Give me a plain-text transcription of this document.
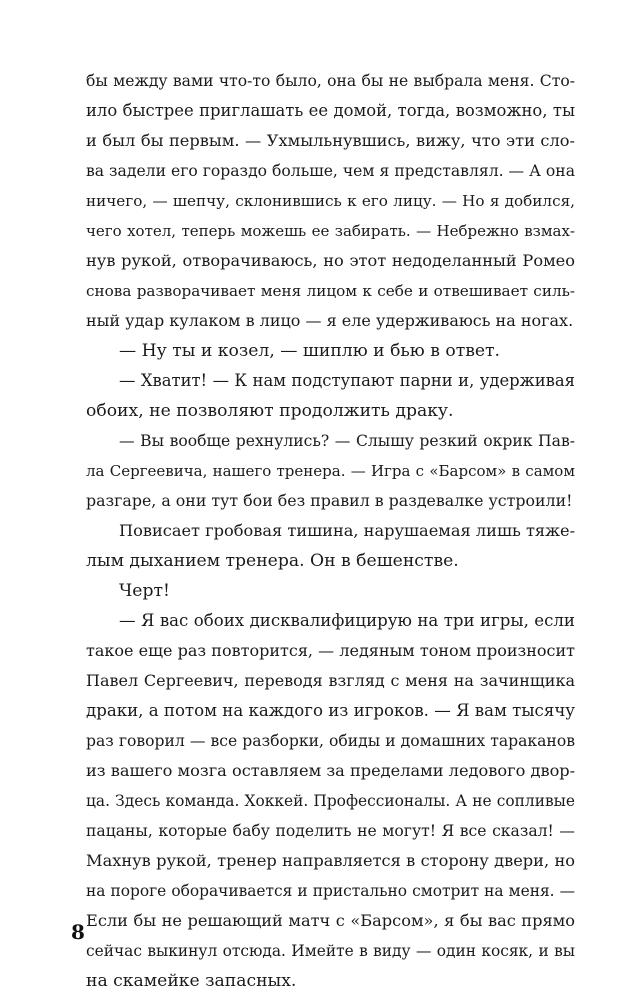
бы между вами что-то было, она бы не выбрала меня. Сто-
ило быстрее приглашать ее домой, тогда, возможно, ты
и был бы первым. — Ухмыльнувшись, вижу, что эти сло-
ва задели его гораздо больше, чем я представлял. — А она
ничего, — шепчу, склонившись к его лицу. — Но я добился,
чего хотел, теперь можешь ее забирать. — Небрежно взмах-
нув рукой, отворачиваюсь, но этот недоделанный Ромео
снова разворачивает меня лицом к себе и отвешивает силь-
ный удар кулаком в лицо — я еле удерживаюсь на ногах.
— Ну ты и козел, — шиплю и бью в ответ.
— Хватит! — К нам подступают парни и, удерживая
обоих, не позволяют продолжить драку.
— Вы вообще рехнулись? — Слышу резкий окрик Пав-
ла Сергеевича, нашего тренера. — Игра с «Барсом» в самом
разгаре, а они тут бои без правил в раздевалке устроили!
Повисает гробовая тишина, нарушаемая лишь тяже-
лым дыханием тренера. Он в бешенстве.
Черт!
— Я вас обоих дисквалифицирую на три игры, если
такое еще раз повторится, — ледяным тоном произносит
Павел Сергеевич, переводя взгляд с меня на зачинщика
драки, а потом на каждого из игроков. — Я вам тысячу
раз говорил — все разборки, обиды и домашних тараканов
из вашего мозга оставляем за пределами ледового двор-
ца. Здесь команда. Хоккей. Профессионалы. А не сопливые
пацаны, которые бабу поделить не могут! Я все сказал! —
Махнув рукой, тренер направляется в сторону двери, но
на пороге оборачивается и пристально смотрит на меня. —
Если бы не решающий матч с «Барсом», я бы вас прямо
сейчас выкинул отсюда. Имейте в виду — один косяк, и вы
на скамейке запасных.
8
